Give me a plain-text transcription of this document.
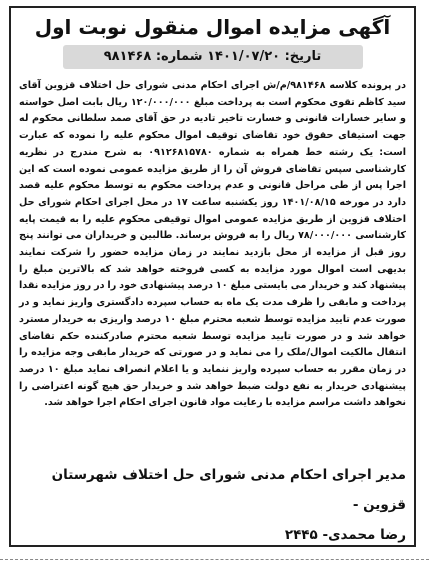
آگهی مزایده اموال منقول نوبت اول
تاریخ: ۱۴۰۱/۰۷/۲۰ شماره: ۹۸۱۴۶۸
در پرونده کلاسه ۹۸۱۴۶۸/م/ش اجرای احکام مدنی شورای حل اختلاف قزوین آقای سید کاظم تقوی محکوم است به پرداخت مبلغ ۱۲۰/۰۰۰/۰۰۰ ریال بابت اصل خواسته و سایر خسارات قانونی و خسارت تاخیر تادیه در حق آقای صمد سلطانی محکوم له جهت استیفای حقوق خود تقاضای توقیف اموال محکوم علیه را نموده که عبارت است: یک رشته خط همراه به شماره ۰۹۱۲۶۸۱۵۷۸۰ به شرح مندرج در نظریه کارشناسی سپس تقاضای فروش آن را از طریق مزایده عمومی نموده است که این اجرا پس از طی مراحل قانونی و عدم پرداخت محکوم به توسط محکوم علیه قصد دارد در مورخه ۱۴۰۱/۰۸/۱۵ روز یکشنبه ساعت ۱۷ در محل اجرای احکام شورای حل اختلاف قزوین از طریق مزایده عمومی اموال توقیفی محکوم علیه را به قیمت پایه کارشناسی ۷۸/۰۰۰/۰۰۰ ریال را به فروش برساند. طالبین و خریداران می توانند پنج روز قبل از مزایده از محل بازدید نمایند در زمان مزایده حضور را شرکت نمایند بدیهی است اموال مورد مزایده به کسی فروخته خواهد شد که بالاترین مبلغ را پیشنهاد کند و خریدار می بایستی مبلغ ۱۰ درصد پیشنهادی خود را در روز مزایده نقدا پرداخت و مابقی را ظرف مدت یک ماه به حساب سپرده دادگستری واریز نماید و در صورت عدم تایید مزایده توسط شعبه محترم مبلغ ۱۰ درصد واریزی به خریدار مسترد خواهد شد و در صورت تایید مزایده توسط شعبه محترم صادرکننده حکم تقاضای انتقال مالکیت اموال/ملک را می نماید و در صورتی که خریدار مابقی وجه مزایده را در زمان مقرر به حساب سپرده واریز ننماید و یا اعلام انصراف نماید مبلغ ۱۰ درصد پیشنهادی خریدار به نفع دولت ضبط خواهد شد و خریدار حق هیچ گونه اعتراضی را نخواهد داشت مراسم مزایده با رعایت مواد قانون اجرای احکام اجرا خواهد شد.
مدیر اجرای احکام مدنی شورای حل اختلاف شهرستان قزوین -
رضا محمدی- ۲۴۴۵
